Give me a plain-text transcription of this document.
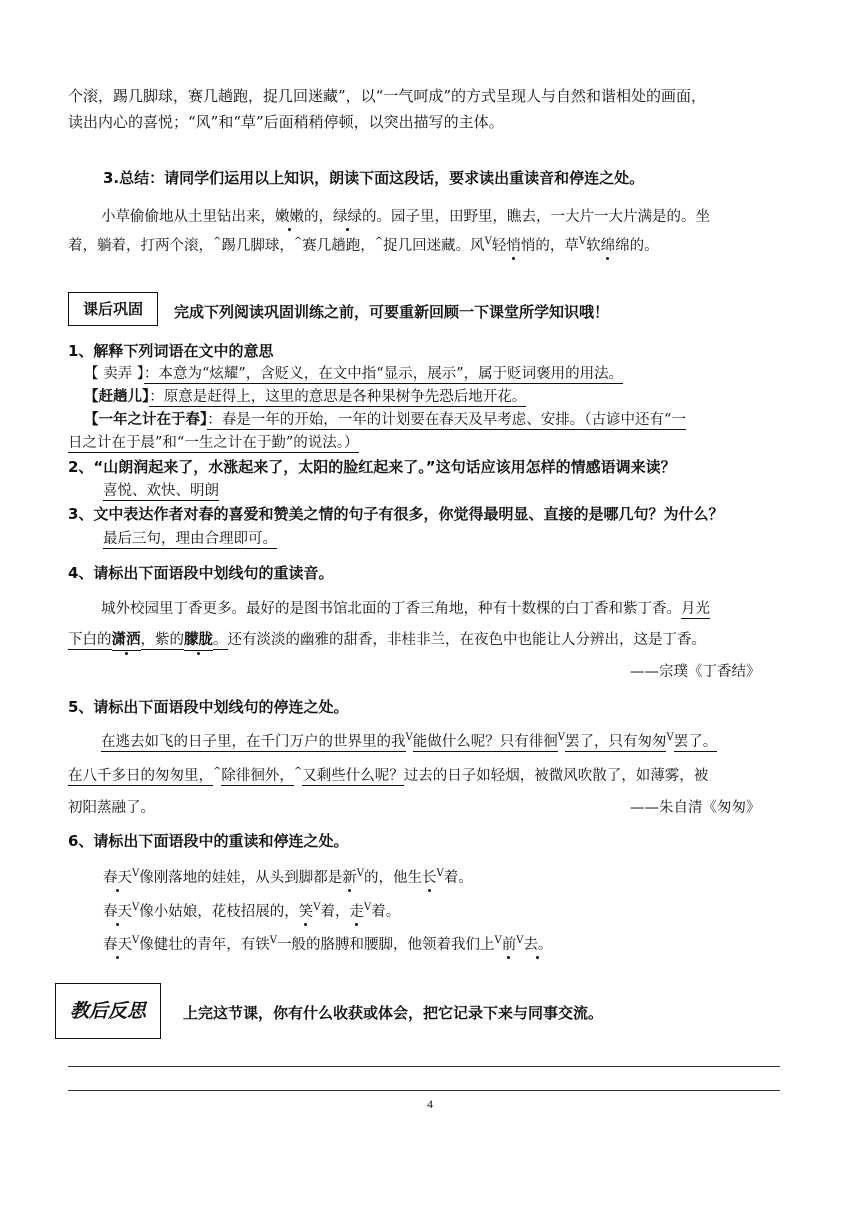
个滚，踢几脚球，赛几趟跑，捉几回迷藏”，以“一气呵成”的方式呈现人与自然和谐相处的画面，
读出内心的喜悦；“风”和“草”后面稍稍停顿，以突出描写的主体。
3.总结：请同学们运用以上知识，朗读下面这段话，要求读出重读音和停连之处。
小草偷偷地从土里钻出来，嫩嫩的，绿绿的。园子里，田野里，瞧去，一大片一大片满是的。坐
着，躺着，打两个滚，^踢几脚球，^赛几趟跑，^捉几回迷藏。风$^V$轻悄悄的，草$^V$软绵绵的。
课后巩固	完成下列阅读巩固训练之前，可要重新回顾一下课堂所学知识哦！
1、解释下列词语在文中的意思
【 卖弄 】：本意为“炫耀”，含贬义，在文中指“显示，展示”，属于贬词褒用的用法。
【赶趟儿】：原意是赶得上，这里的意思是各种果树争先恐后地开花。
【一年之计在于春】：春是一年的开始，一年的计划要在春天及早考虑、安排。（古谚中还有“一
日之计在于晨”和“一生之计在于勤”的说法。）
2、“山朗润起来了，水涨起来了，太阳的脸红起来了。”这句话应该用怎样的情感语调来读？
喜悦、欢快、明朗
3、文中表达作者对春的喜爱和赞美之情的句子有很多，你觉得最明显、直接的是哪几句？为什么？
最后三句，理由合理即可。
4、请标出下面语段中划线句的重读音。
城外校园里丁香更多。最好的是图书馆北面的丁香三角地，种有十数棵的白丁香和紫丁香。月光
下白的潇洒，紫的朦胧。还有淡淡的幽雅的甜香，非桂非兰，在夜色中也能让人分辨出，这是丁香。
——宗璞《丁香结》
5、请标出下面语段中划线句的停连之处。
在逃去如飞的日子里，在千门万户的世界里的我$^V$能做什么呢？只有徘徊$^V$罢了，只有匆匆$^V$罢了。
在八千多日的匆匆里，^除徘徊外，^又剩些什么呢？过去的日子如轻烟，被微风吹散了，如薄雾，被
初阳蒸融了。	——朱自清《匆匆》
6、请标出下面语段中的重读和停连之处。
春天$^V$像刚落地的娃娃，从头到脚都是新$^V$的，他生长$^V$着。
春天$^V$像小姑娘，花枝招展的，笑$^V$着，走$^V$着。
春天$^V$像健壮的青年，有铁$^V$一般的胳膊和腰脚，他领着我们上$^V$前$^V$去。
教后反思	上完这节课，你有什么收获或体会，把它记录下来与同事交流。
4
